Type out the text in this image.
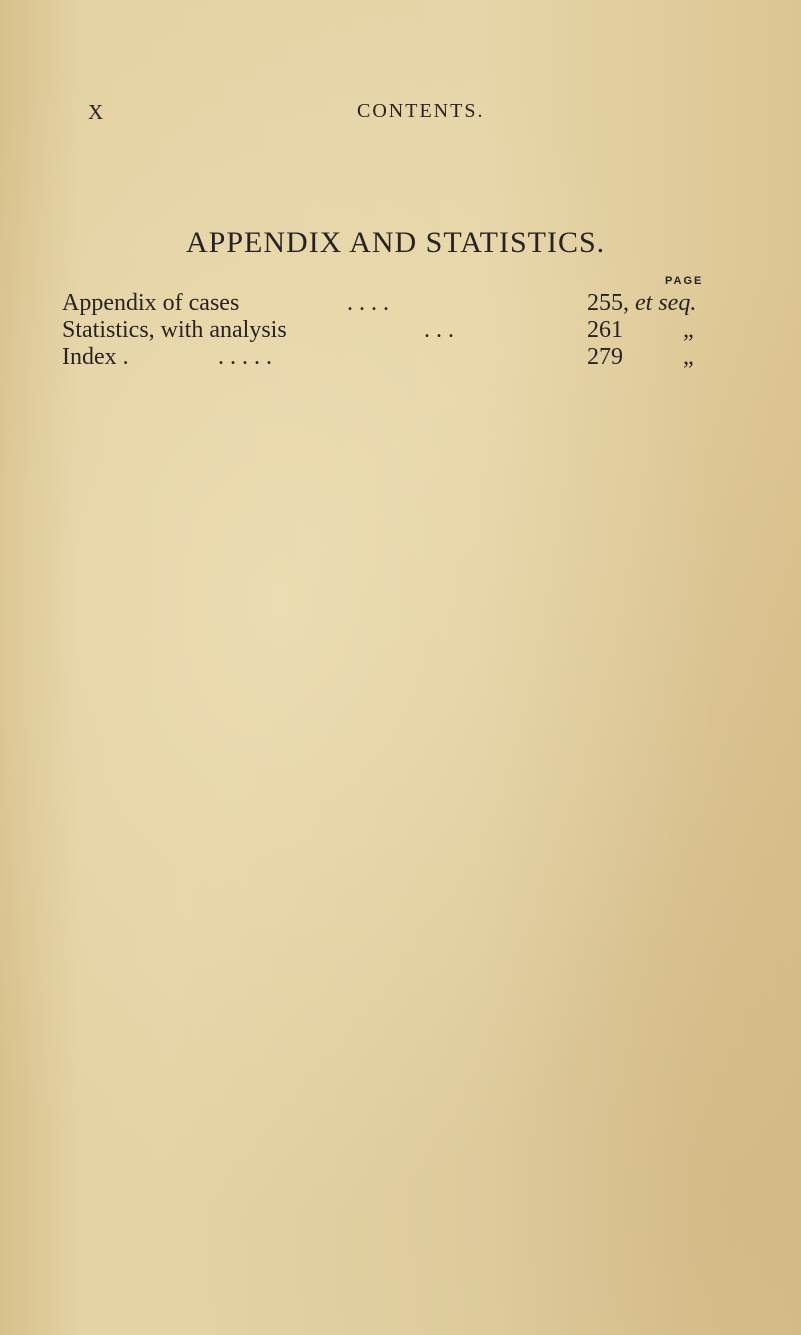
X	CONTENTS.
APPENDIX AND STATISTICS.
PAGE
Appendix of cases	. . . .	255, et seq.
Statistics, with analysis	. . .	261	„
Index .	. . . . .	279	„
